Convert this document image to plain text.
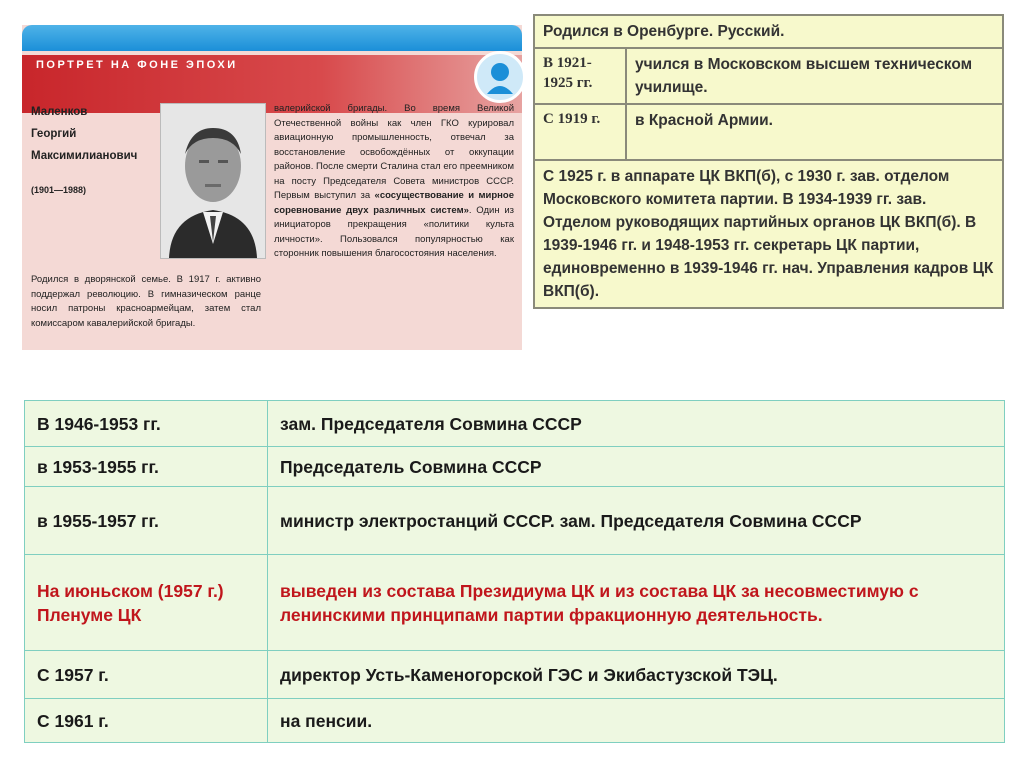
ПОРТРЕТ НА ФОНЕ ЭПОХИ
Маленков
Георгий
Максимилианович
(1901—1988)
Родился в дворянской семье. В 1917 г. активно поддержал революцию. В гимназическом ранце носил патроны красноармейцам, затем стал комиссаром кавалерийской бригады.
валерийской бригады. Во время Великой Отечественной войны как член ГКО курировал авиационную промышленность, отвечал за восстановление освобождённых от оккупации районов. После смерти Сталина стал его преемником на посту Председателя Совета министров СССР. Первым выступил за «сосуществование и мирное соревнование двух различных систем». Один из инициаторов прекращения «политики культа личности». Пользовался популярностью как сторонник повышения благосостояния населения.
Родился в Оренбурге. Русский.	
В 1921-1925 гг.	учился в Московском высшем техническом училище.
С 1919 г.	в Красной Армии.
С 1925 г. в аппарате ЦК ВКП(б), с 1930 г. зав. отделом Московского комитета партии. В 1934-1939 гг. зав. Отделом руководящих партийных органов ЦК ВКП(б). В 1939-1946 гг. и 1948-1953 гг. секретарь ЦК партии, единовременно в 1939-1946 гг. нач. Управления кадров ЦК ВКП(б).	
В 1946-1953 гг.	зам. Председателя Совмина СССР
в 1953-1955 гг.	Председатель Совмина СССР
в 1955-1957 гг.	министр электростанций СССР. зам. Председателя Совмина СССР
На июньском (1957 г.) Пленуме ЦК	выведен из состава Президиума ЦК и из состава ЦК за несовместимую с ленинскими принципами партии фракционную деятельность.
С 1957 г.	директор Усть-Каменогорской ГЭС и Экибастузской ТЭЦ.
С 1961 г.	на пенсии.
